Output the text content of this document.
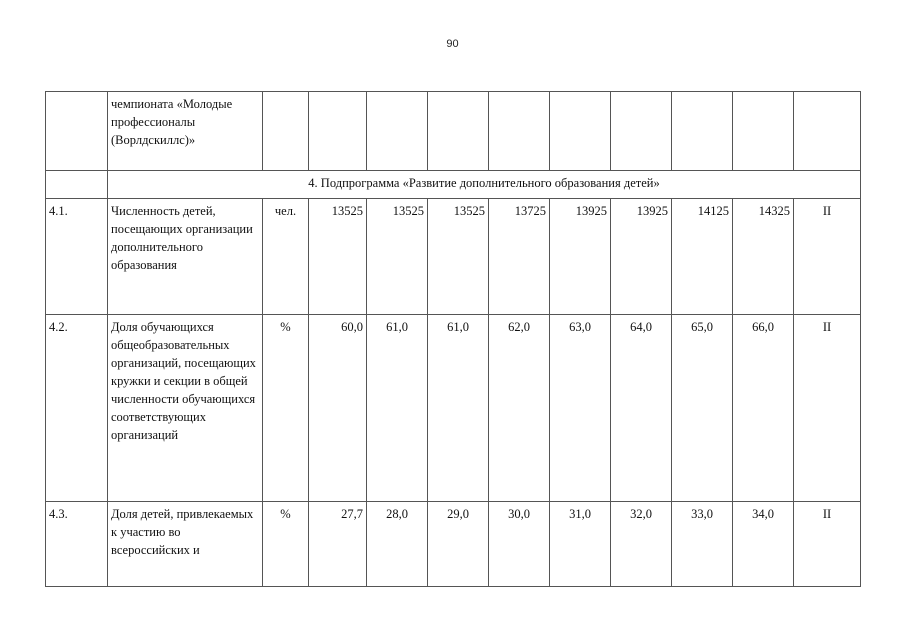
90
	чемпионата «Молодые профессионалы (Ворлдскиллс)»										
	4. Подпрограмма «Развитие дополнительного образования детей»										
4.1.	Численность детей, посещающих организации дополнительного образования	чел.	13525	13525	13525	13725	13925	13925	14125	14325	II
4.2.	Доля обучающихся общеобразовательных организаций, посещающих кружки и секции в общей численности обучающихся соответствующих организаций	%	60,0	61,0	61,0	62,0	63,0	64,0	65,0	66,0	II
4.3.	Доля детей, привлекаемых к участию во всероссийских и	%	27,7	28,0	29,0	30,0	31,0	32,0	33,0	34,0	II
